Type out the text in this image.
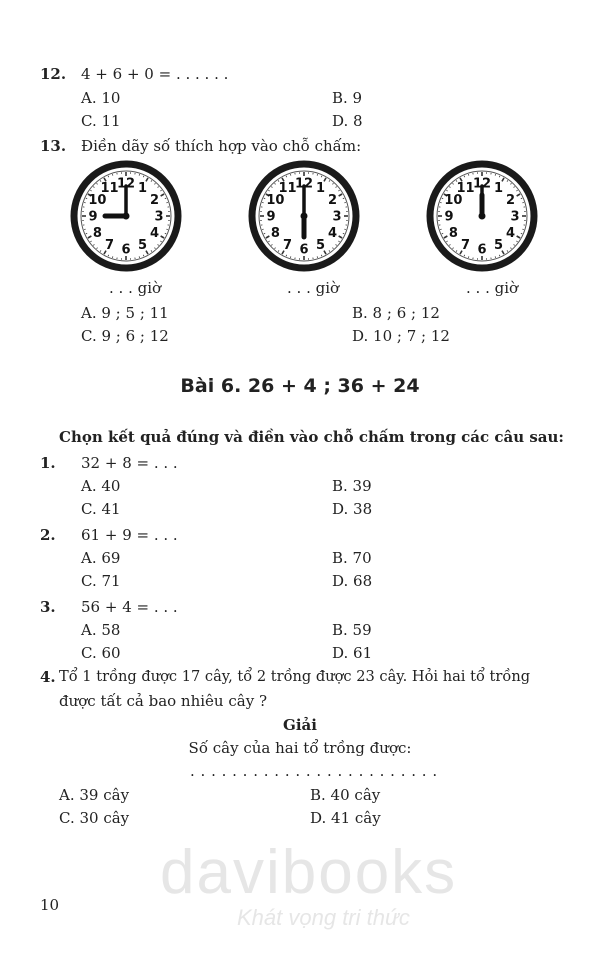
12. 4 + 6 + 0 = . . . . . .
A. 10	B. 9
C. 11	D. 8
13. Điền dãy số thích hợp vào chỗ chấm:
1
2
3
4
5
6
7
8
9
10
11
12	1
2
3
4
5
6
7
8
9
10
11
12	1
2
3
4
5
6
7
8
9
10
11
12
. . . giờ	. . . giờ	. . . giờ
A. 9 ; 5 ; 11	B. 8 ; 6 ; 12
C. 9 ; 6 ; 12	D. 10 ; 7 ; 12
Bài 6. 26 + 4 ; 36 + 24
Chọn kết quả đúng và điền vào chỗ chấm trong các câu sau:
1. 32 + 8 = . . .
A. 40	B. 39
C. 41	D. 38
2. 61 + 9 = . . .
A. 69	B. 70
C. 71	D. 68
3. 56 + 4 = . . .
A. 58	B. 59
C. 60	D. 61
4. Tổ 1 trồng được 17 cây, tổ 2 trồng được 23 cây. Hỏi hai tổ trồng
được tất cả bao nhiêu cây ?
Giải
Số cây của hai tổ trồng được:
. . . . . . . . . . . . . . . . . . . . . . . .
A. 39 cây	B. 40 cây
C. 30 cây	D. 41 cây
davibooks
Khát vọng tri thức
10
